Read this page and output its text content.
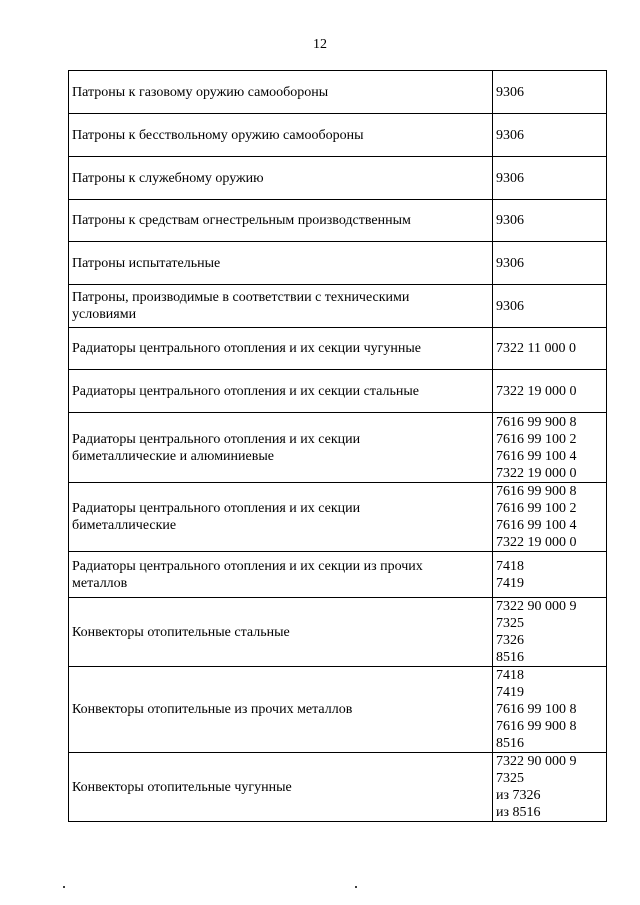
12
Патроны к газовому оружию самообороны	9306

Патроны к бесствольному оружию самообороны	9306

Патроны к служебному оружию	9306

Патроны к средствам огнестрельным производственным	9306

Патроны испытательные	9306

Патроны, производимые в соответствии с техническими
условиями	9306

Радиаторы центрального отопления и их секции чугунные	7322 11 000 0

Радиаторы центрального отопления и их секции стальные	7322 19 000 0

Радиаторы центрального отопления и их секции
биметаллические и алюминиевые	7616 99 900 8
7616 99 100 2
7616 99 100 4
7322 19 000 0

Радиаторы центрального отопления и их секции
биметаллические	7616 99 900 8
7616 99 100 2
7616 99 100 4
7322 19 000 0

Радиаторы центрального отопления и их секции из прочих
металлов	7418
7419

Конвекторы отопительные стальные	7322 90 000 9
7325
7326
8516

Конвекторы отопительные из прочих металлов	7418
7419
7616 99 100 8
7616 99 900 8
8516

Конвекторы отопительные чугунные	7322 90 000 9
7325
из 7326
из 8516
